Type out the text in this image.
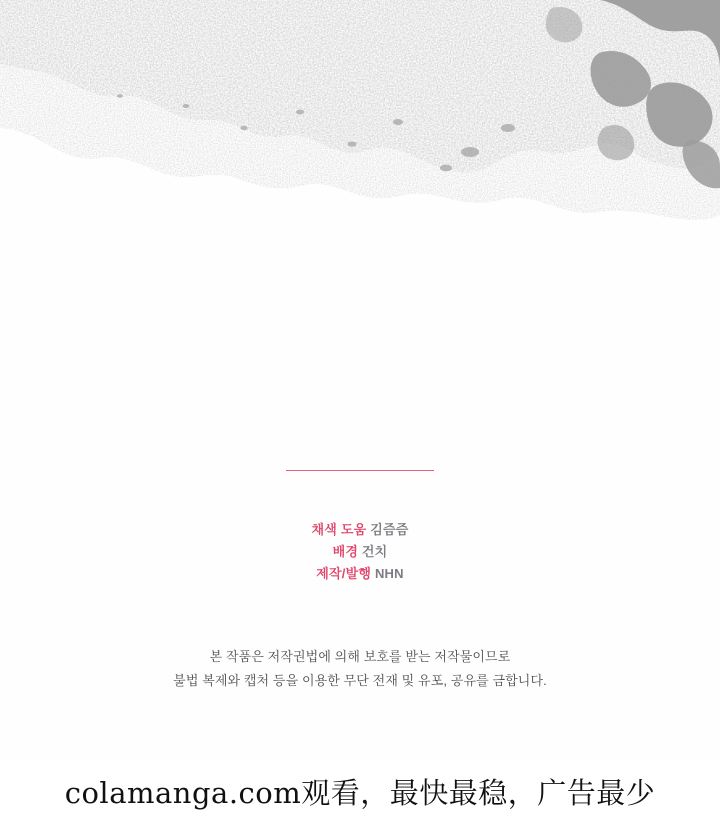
채색 도움 김즘즘

배경 건치

제작/발행 NHN

본 작품은 저작권법에 의해 보호를 받는 저작물이므로

불법 복제와 캡처 등을 이용한 무단 전재 및 유포, 공유를 금합니다.

colamanga.com观看，最快最稳，广告最少
